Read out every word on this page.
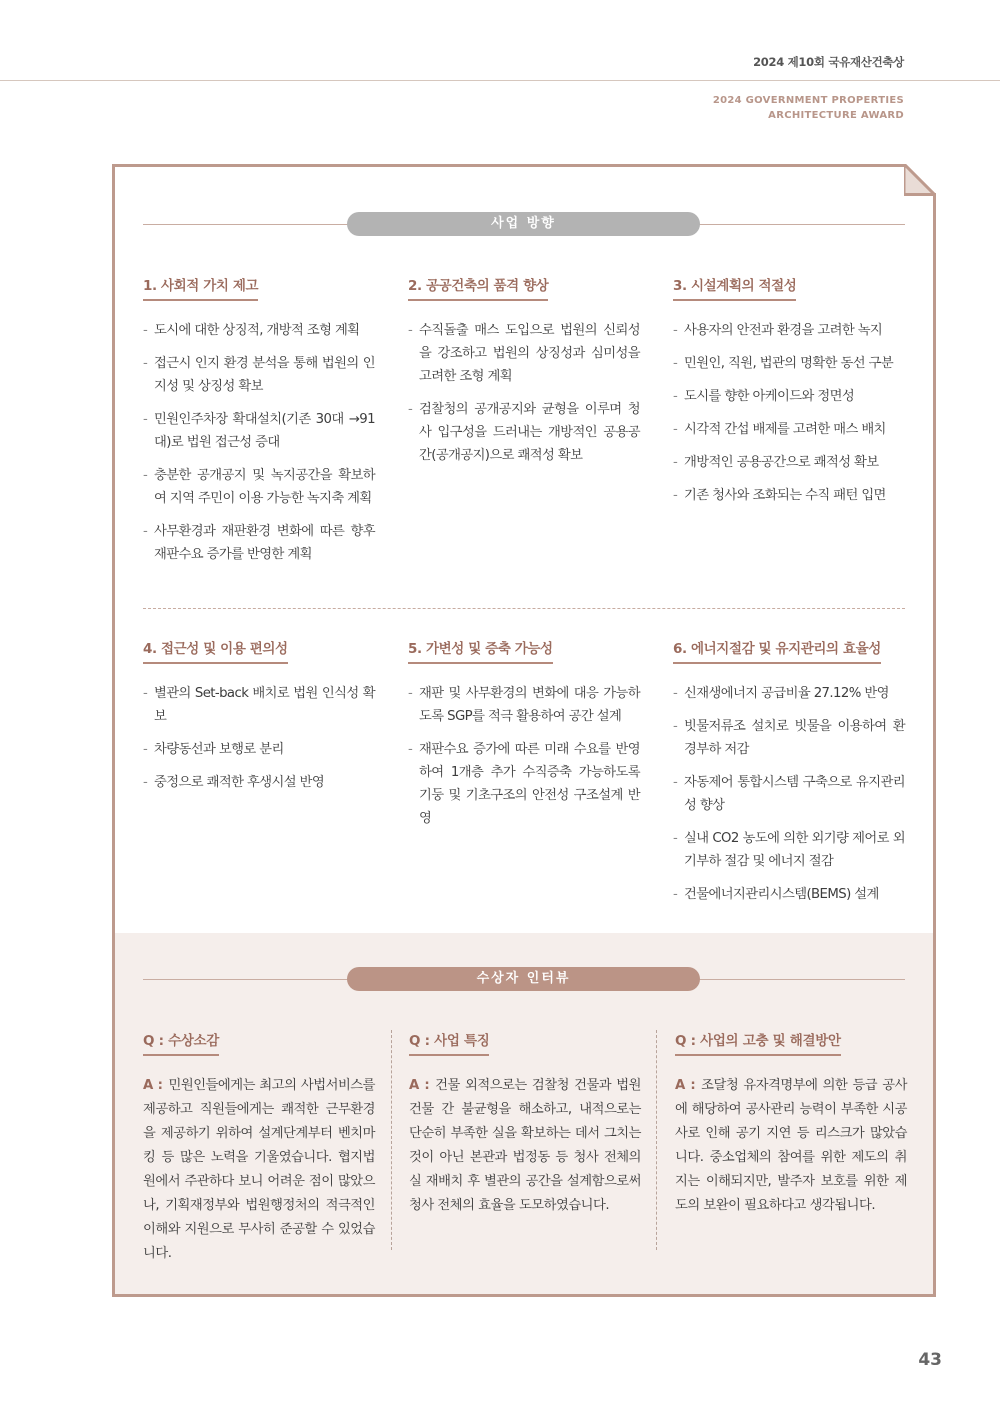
2024 제10회 국유재산건축상
2024 GOVERNMENT PROPERTIES
ARCHITECTURE AWARD
사업 방향
1. 사회적 가치 제고
- 도시에 대한 상징적, 개방적 조형 계획
- 접근시 인지 환경 분석을 통해 법원의 인지성 및 상징성 확보
- 민원인주차장 확대설치(기존 30대 →91대)로 법원 접근성 증대
- 충분한 공개공지 및 녹지공간을 확보하여 지역 주민이 이용 가능한 녹지축 계획
- 사무환경과 재판환경 변화에 따른 향후 재판수요 증가를 반영한 계획
2. 공공건축의 품격 향상
- 수직돌출 매스 도입으로 법원의 신뢰성을 강조하고 법원의 상징성과 심미성을 고려한 조형 계획
- 검찰청의 공개공지와 균형을 이루며 청사 입구성을 드러내는 개방적인 공용공간(공개공지)으로 쾌적성 확보
3. 시설계획의 적절성
- 사용자의 안전과 환경을 고려한 녹지
- 민원인, 직원, 법관의 명확한 동선 구분
- 도시를 향한 아케이드와 정면성
- 시각적 간섭 배제를 고려한 매스 배치
- 개방적인 공용공간으로 쾌적성 확보
- 기존 청사와 조화되는 수직 패턴 입면
4. 접근성 및 이용 편의성
- 별관의 Set-back 배치로 법원 인식성 확보
- 차량동선과 보행로 분리
- 중정으로 쾌적한 후생시설 반영
5. 가변성 및 증축 가능성
- 재판 및 사무환경의 변화에 대응 가능하도록 SGP를 적극 활용하여 공간 설계
- 재판수요 증가에 따른 미래 수요를 반영하여 1개층 추가 수직증축 가능하도록 기둥 및 기초구조의 안전성 구조설계 반영
6. 에너지절감 및 유지관리의 효율성
- 신재생에너지 공급비율 27.12% 반영
- 빗물저류조 설치로 빗물을 이용하여 환경부하 저감
- 자동제어 통합시스템 구축으로 유지관리성 향상
- 실내 CO2 농도에 의한 외기량 제어로 외기부하 절감 및 에너지 절감
- 건물에너지관리시스템(BEMS) 설계
수상자 인터뷰
Q : 수상소감
A : 민원인들에게는 최고의 사법서비스를 제공하고 직원들에게는 쾌적한 근무환경을 제공하기 위하여 설계단계부터 벤치마킹 등 많은 노력을 기울였습니다. 협지법원에서 주관하다 보니 어려운 점이 많았으나, 기획재정부와 법원행정처의 적극적인 이해와 지원으로 무사히 준공할 수 있었습니다.
Q : 사업 특징
A : 건물 외적으로는 검찰청 건물과 법원 건물 간 불균형을 해소하고, 내적으로는 단순히 부족한 실을 확보하는 데서 그치는 것이 아닌 본관과 법정동 등 청사 전체의 실 재배치 후 별관의 공간을 설계함으로써 청사 전체의 효율을 도모하였습니다.
Q : 사업의 고충 및 해결방안
A : 조달청 유자격명부에 의한 등급 공사에 해당하여 공사관리 능력이 부족한 시공사로 인해 공기 지연 등 리스크가 많았습니다. 중소업체의 참여를 위한 제도의 취지는 이해되지만, 발주자 보호를 위한 제도의 보완이 필요하다고 생각됩니다.
43
